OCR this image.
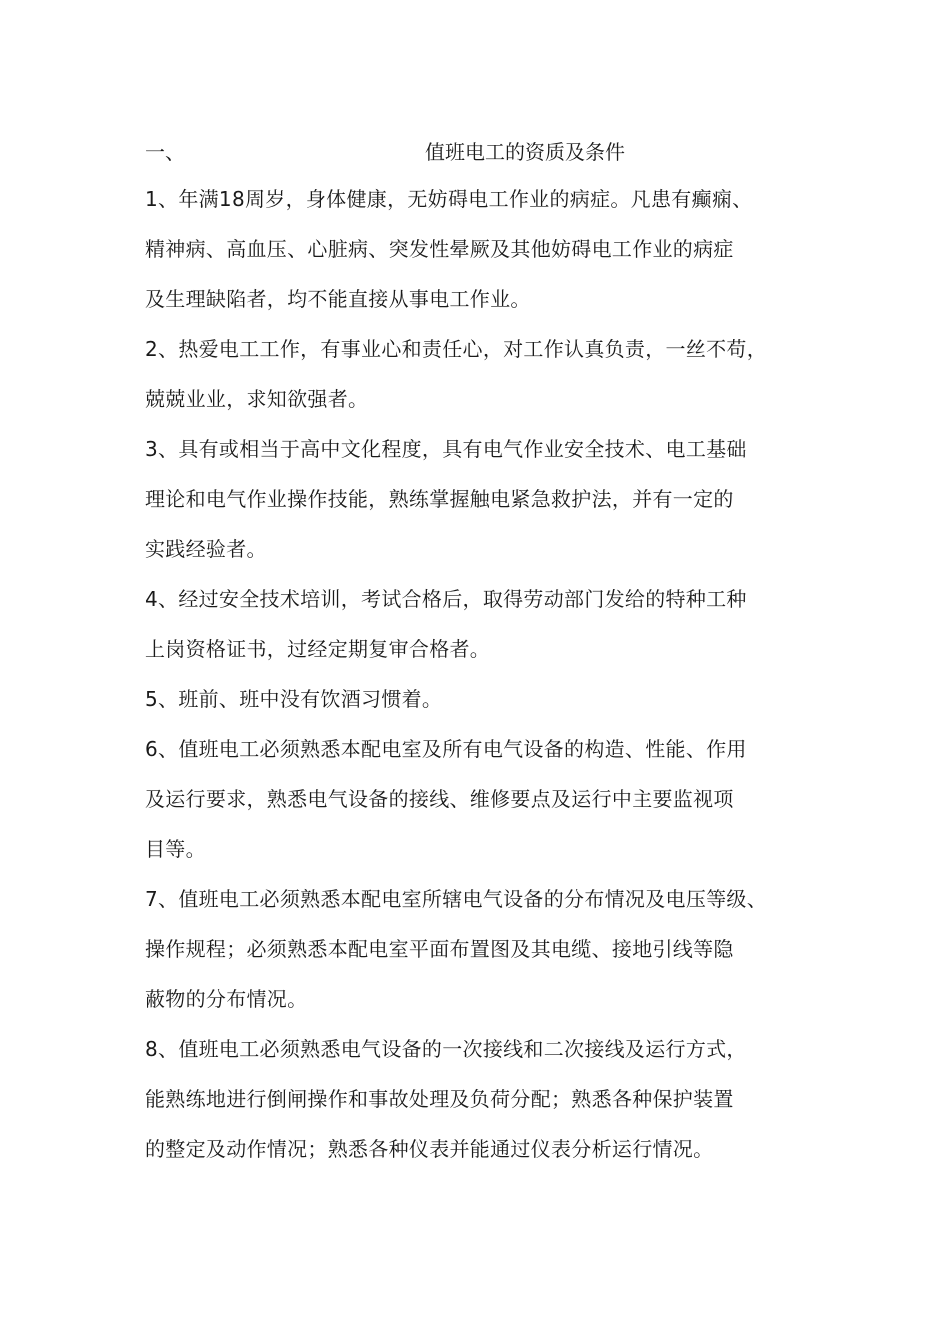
一、	值班电工的资质及条件
1、年满18周岁，身体健康，无妨碍电工作业的病症。凡患有癫痫、
精神病、高血压、心脏病、突发性晕厥及其他妨碍电工作业的病症
及生理缺陷者，均不能直接从事电工作业。
2、热爱电工工作，有事业心和责任心，对工作认真负责，一丝不苟，
兢兢业业，求知欲强者。
3、具有或相当于高中文化程度，具有电气作业安全技术、电工基础
理论和电气作业操作技能，熟练掌握触电紧急救护法，并有一定的
实践经验者。
4、经过安全技术培训，考试合格后，取得劳动部门发给的特种工种
上岗资格证书，过经定期复审合格者。
5、班前、班中没有饮酒习惯着。
6、值班电工必须熟悉本配电室及所有电气设备的构造、性能、作用
及运行要求，熟悉电气设备的接线、维修要点及运行中主要监视项
目等。
7、值班电工必须熟悉本配电室所辖电气设备的分布情况及电压等级、
操作规程；必须熟悉本配电室平面布置图及其电缆、接地引线等隐
蔽物的分布情况。
8、值班电工必须熟悉电气设备的一次接线和二次接线及运行方式，
能熟练地进行倒闸操作和事故处理及负荷分配；熟悉各种保护装置
的整定及动作情况；熟悉各种仪表并能通过仪表分析运行情况。
